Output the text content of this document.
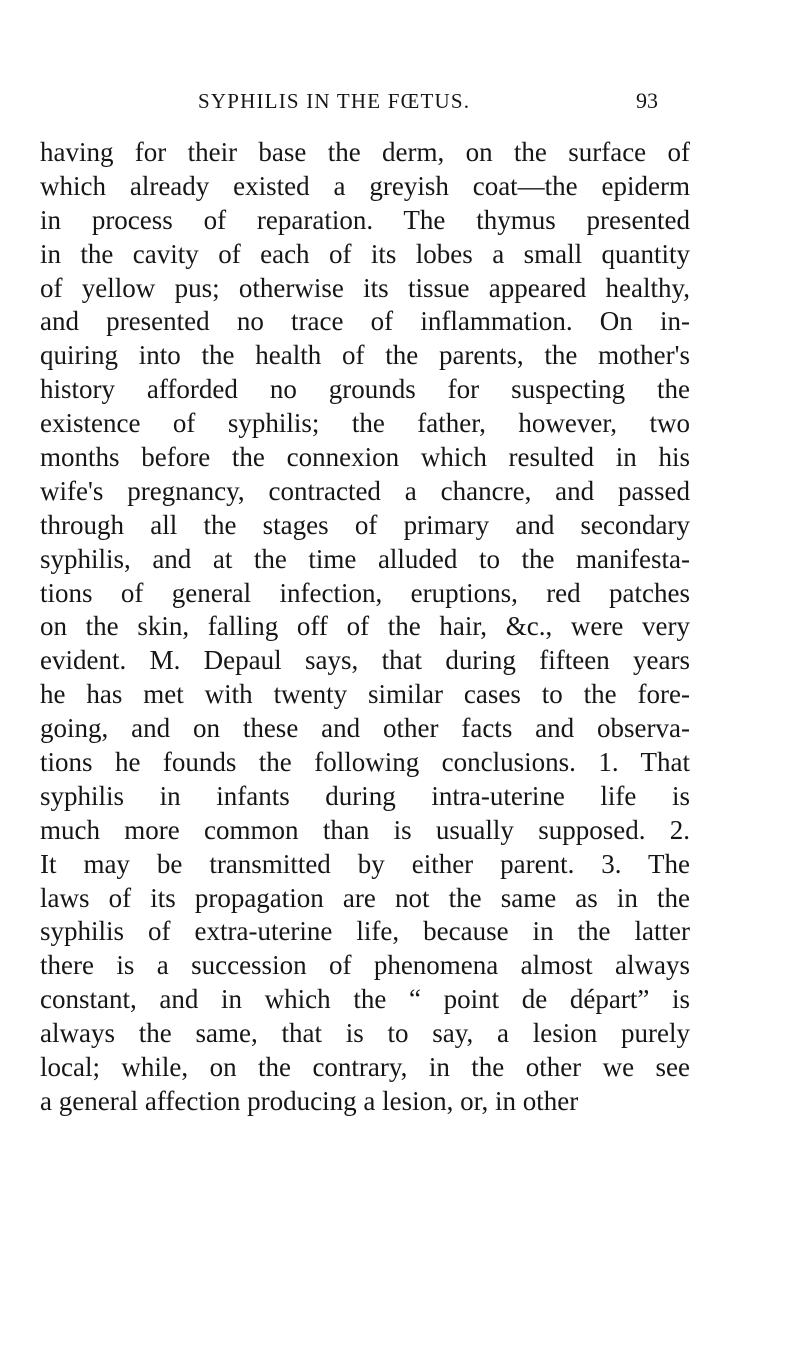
SYPHILIS IN THE FŒTUS.	93
having for their base the derm, on the surface of
which already existed a greyish coat—the epiderm
in process of reparation. The thymus presented
in the cavity of each of its lobes a small quantity
of yellow pus; otherwise its tissue appeared healthy,
and presented no trace of inflammation. On in-
quiring into the health of the parents, the mother's
history afforded no grounds for suspecting the
existence of syphilis; the father, however, two
months before the connexion which resulted in his
wife's pregnancy, contracted a chancre, and passed
through all the stages of primary and secondary
syphilis, and at the time alluded to the manifesta-
tions of general infection, eruptions, red patches
on the skin, falling off of the hair, &c., were very
evident. M. Depaul says, that during fifteen years
he has met with twenty similar cases to the fore-
going, and on these and other facts and observa-
tions he founds the following conclusions. 1. That
syphilis in infants during intra-uterine life is
much more common than is usually supposed. 2.
It may be transmitted by either parent. 3. The
laws of its propagation are not the same as in the
syphilis of extra-uterine life, because in the latter
there is a succession of phenomena almost always
constant, and in which the “ point de départ” is
always the same, that is to say, a lesion purely
local; while, on the contrary, in the other we see
a general affection producing a lesion, or, in other
